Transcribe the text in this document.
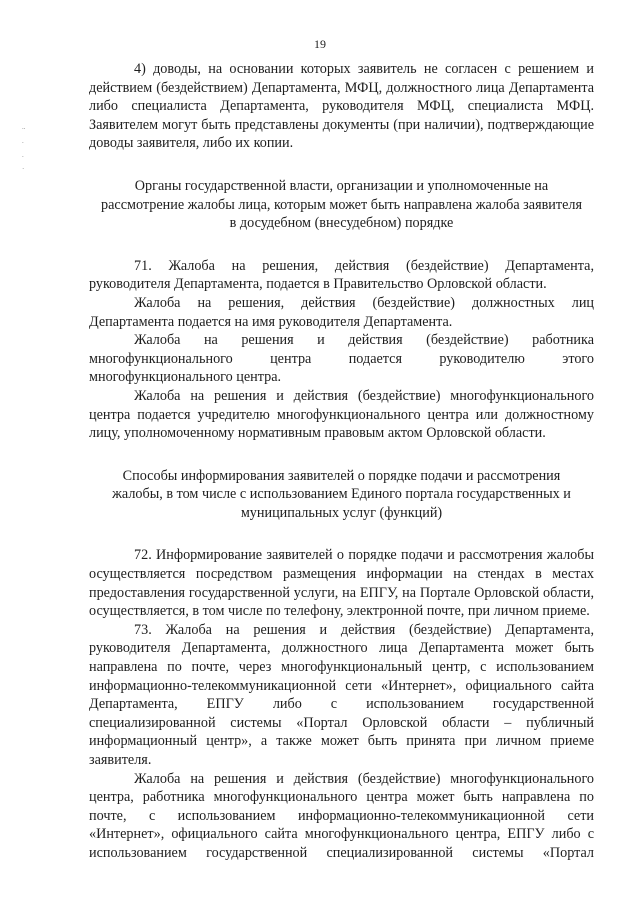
19
..
.
.
·

4) доводы, на основании которых заявитель не согласен с решением и действием (бездействием) Департамента, МФЦ, должностного лица Департамента либо специалиста Департамента, руководителя МФЦ, специалиста МФЦ. Заявителем могут быть представлены документы (при наличии), подтверждающие доводы заявителя, либо их копии.

Органы государственной власти, организации и уполномоченные на рассмотрение жалобы лица, которым может быть направлена жалоба заявителя в досудебном (внесудебном) порядке

71. Жалоба на решения, действия (бездействие) Департамента, руководителя Департамента, подается в Правительство Орловской области.

Жалоба на решения, действия (бездействие) должностных лиц Департамента подается на имя руководителя Департамента.

Жалоба на решения и действия (бездействие) работника многофункционального центра подается руководителю этого многофункционального центра.

Жалоба на решения и действия (бездействие) многофункционального центра подается учредителю многофункционального центра или должностному лицу, уполномоченному нормативным правовым актом Орловской области.

Способы информирования заявителей о порядке подачи и рассмотрения жалобы, в том числе с использованием Единого портала государственных и муниципальных услуг (функций)

72. Информирование заявителей о порядке подачи и рассмотрения жалобы осуществляется посредством размещения информации на стендах в местах предоставления государственной услуги, на ЕПГУ, на Портале Орловской области, осуществляется, в том числе по телефону, электронной почте, при личном приеме.

73. Жалоба на решения и действия (бездействие) Департамента, руководителя Департамента, должностного лица Департамента может быть направлена по почте, через многофункциональный центр, с использованием информационно-телекоммуникационной сети «Интернет», официального сайта Департамента, ЕПГУ либо с использованием государственной специализированной системы «Портал Орловской области – публичный информационный центр», а также может быть принята при личном приеме заявителя.

Жалоба на решения и действия (бездействие) многофункционального центра, работника многофункционального центра может быть направлена по почте, с использованием информационно-телекоммуникационной сети «Интернет», официального сайта многофункционального центра, ЕПГУ либо с использованием государственной специализированной системы «Портал
